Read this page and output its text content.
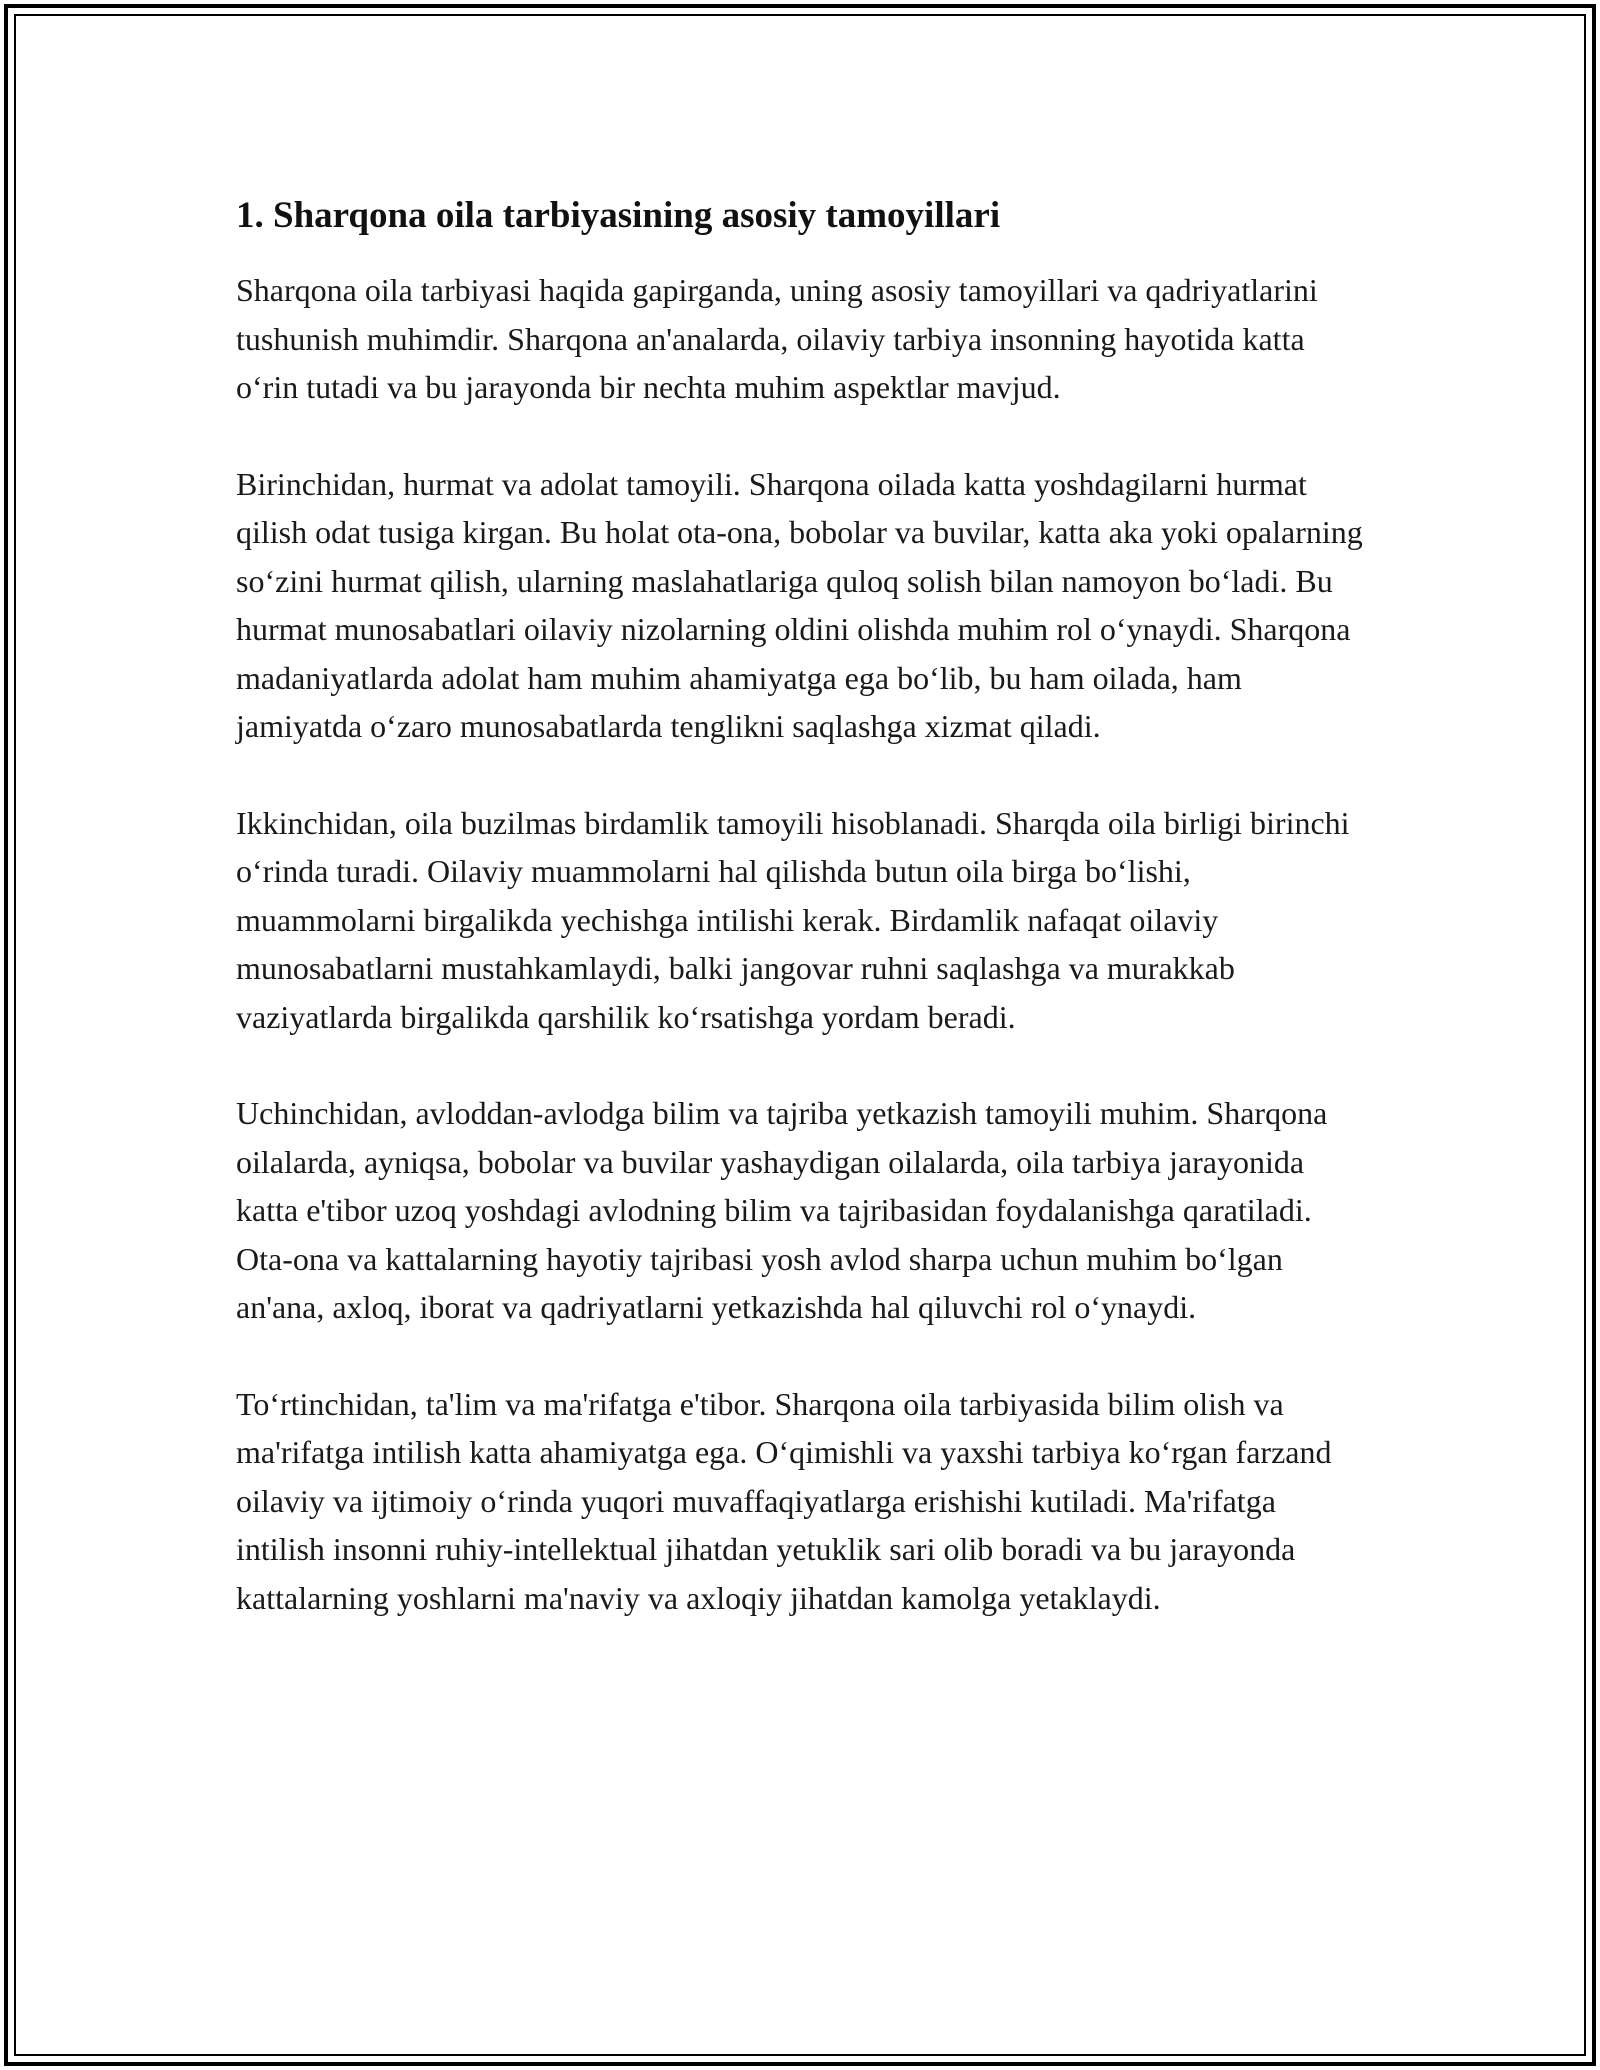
1. Sharqona oila tarbiyasining asosiy tamoyillari

Sharqona oila tarbiyasi haqida gapirganda, uning asosiy tamoyillari va qadriyatlarini tushunish muhimdir. Sharqona an'analarda, oilaviy tarbiya insonning hayotida katta o‘rin tutadi va bu jarayonda bir nechta muhim aspektlar mavjud.

Birinchidan, hurmat va adolat tamoyili. Sharqona oilada katta yoshdagilarni hurmat qilish odat tusiga kirgan. Bu holat ota-ona, bobolar va buvilar, katta aka yoki opalarning so‘zini hurmat qilish, ularning maslahatlariga quloq solish bilan namoyon bo‘ladi. Bu hurmat munosabatlari oilaviy nizolarning oldini olishda muhim rol o‘ynaydi. Sharqona madaniyatlarda adolat ham muhim ahamiyatga ega bo‘lib, bu ham oilada, ham jamiyatda o‘zaro munosabatlarda tenglikni saqlashga xizmat qiladi.

Ikkinchidan, oila buzilmas birdamlik tamoyili hisoblanadi. Sharqda oila birligi birinchi o‘rinda turadi. Oilaviy muammolarni hal qilishda butun oila birga bo‘lishi, muammolarni birgalikda yechishga intilishi kerak. Birdamlik nafaqat oilaviy munosabatlarni mustahkamlaydi, balki jangovar ruhni saqlashga va murakkab vaziyatlarda birgalikda qarshilik ko‘rsatishga yordam beradi.

Uchinchidan, avloddan-avlodga bilim va tajriba yetkazish tamoyili muhim. Sharqona oilalarda, ayniqsa, bobolar va buvilar yashaydigan oilalarda, oila tarbiya jarayonida katta e'tibor uzoq yoshdagi avlodning bilim va tajribasidan foydalanishga qaratiladi. Ota-ona va kattalarning hayotiy tajribasi yosh avlod sharpa uchun muhim bo‘lgan an'ana, axloq, iborat va qadriyatlarni yetkazishda hal qiluvchi rol o‘ynaydi.

To‘rtinchidan, ta'lim va ma'rifatga e'tibor. Sharqona oila tarbiyasida bilim olish va ma'rifatga intilish katta ahamiyatga ega. O‘qimishli va yaxshi tarbiya ko‘rgan farzand oilaviy va ijtimoiy o‘rinda yuqori muvaffaqiyatlarga erishishi kutiladi. Ma'rifatga intilish insonni ruhiy-intellektual jihatdan yetuklik sari olib boradi va bu jarayonda kattalarning yoshlarni ma'naviy va axloqiy jihatdan kamolga yetaklaydi.
